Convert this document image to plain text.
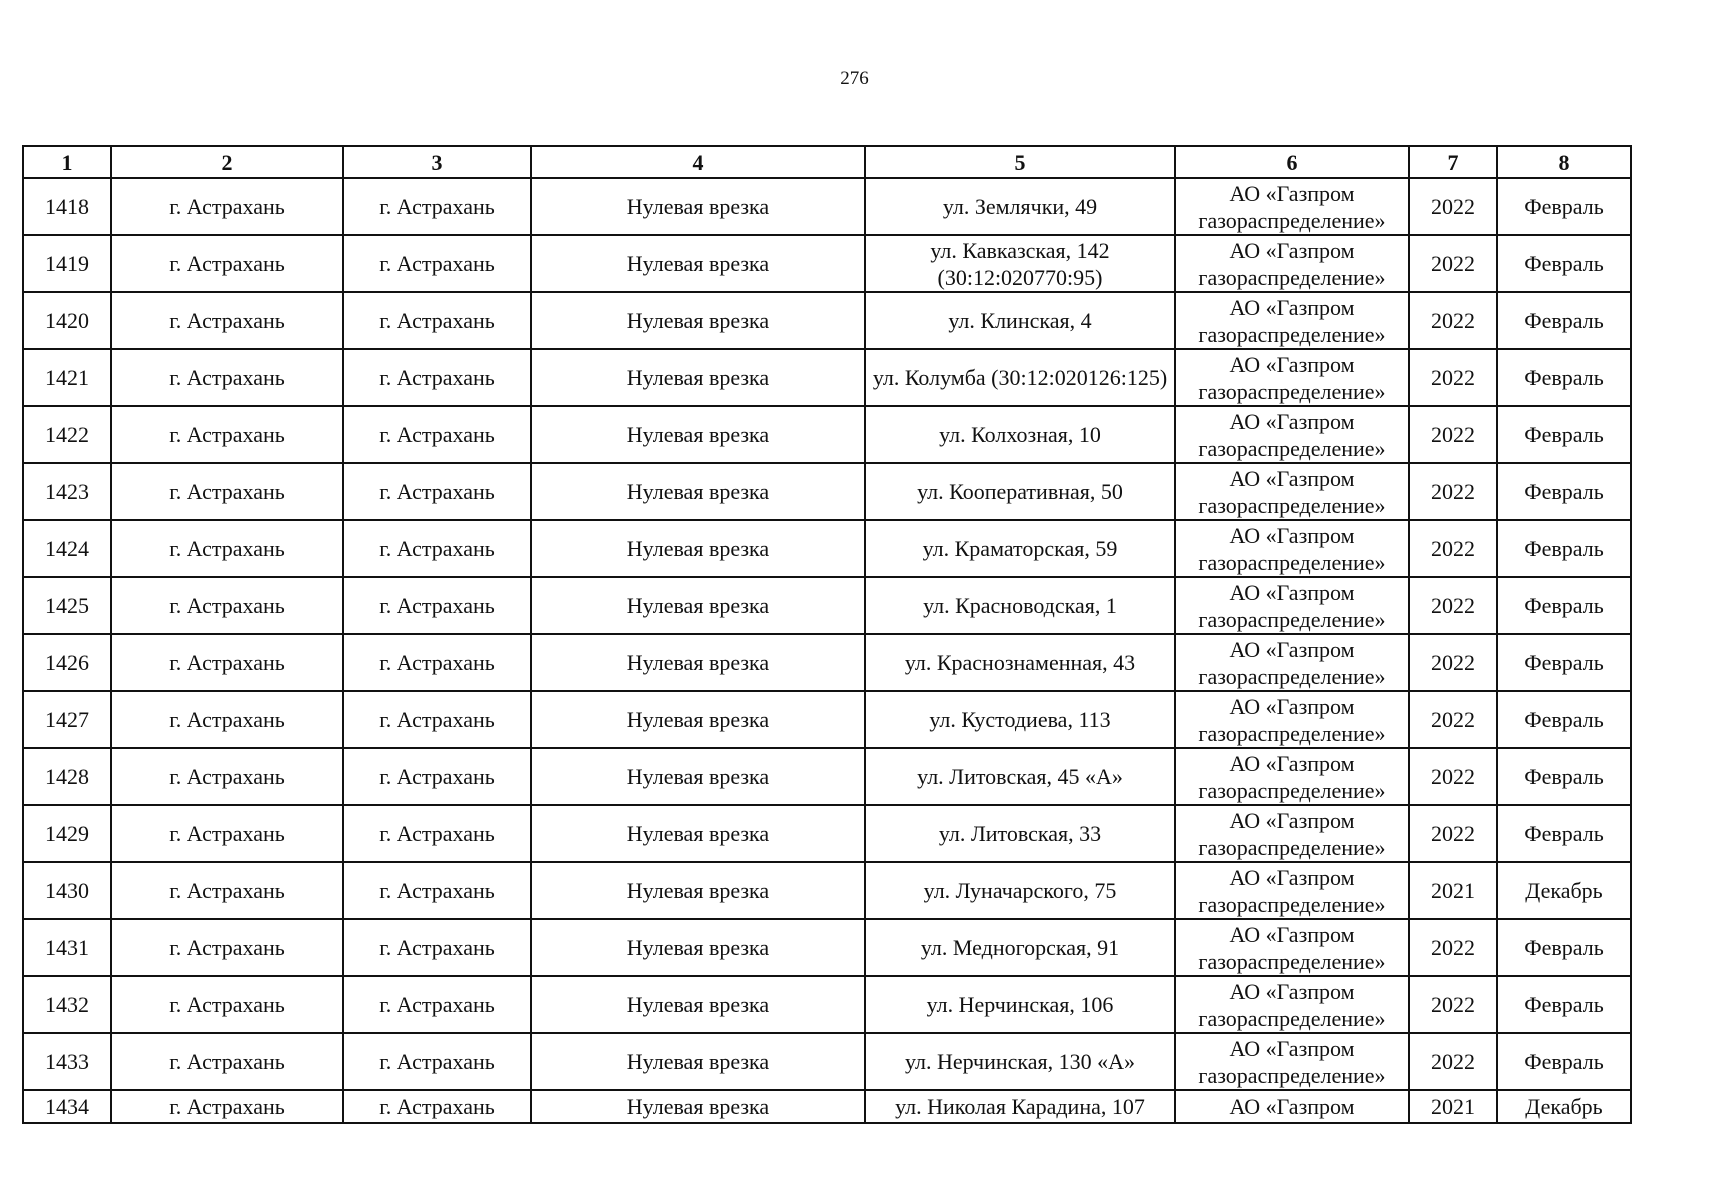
276
1	2	3	4	5	6	7	8
1418	г. Астрахань	г. Астрахань	Нулевая врезка	ул. Землячки, 49	АО «Газпром
газораспределение»	2022	Февраль
1419	г. Астрахань	г. Астрахань	Нулевая врезка	ул. Кавказская, 142 (30:12:020770:95)	АО «Газпром
газораспределение»	2022	Февраль
1420	г. Астрахань	г. Астрахань	Нулевая врезка	ул. Клинская, 4	АО «Газпром
газораспределение»	2022	Февраль
1421	г. Астрахань	г. Астрахань	Нулевая врезка	ул. Колумба (30:12:020126:125)	АО «Газпром
газораспределение»	2022	Февраль
1422	г. Астрахань	г. Астрахань	Нулевая врезка	ул. Колхозная, 10	АО «Газпром
газораспределение»	2022	Февраль
1423	г. Астрахань	г. Астрахань	Нулевая врезка	ул. Кооперативная, 50	АО «Газпром
газораспределение»	2022	Февраль
1424	г. Астрахань	г. Астрахань	Нулевая врезка	ул. Краматорская, 59	АО «Газпром
газораспределение»	2022	Февраль
1425	г. Астрахань	г. Астрахань	Нулевая врезка	ул. Красноводская, 1	АО «Газпром
газораспределение»	2022	Февраль
1426	г. Астрахань	г. Астрахань	Нулевая врезка	ул. Краснознаменная, 43	АО «Газпром
газораспределение»	2022	Февраль
1427	г. Астрахань	г. Астрахань	Нулевая врезка	ул. Кустодиева, 113	АО «Газпром
газораспределение»	2022	Февраль
1428	г. Астрахань	г. Астрахань	Нулевая врезка	ул. Литовская, 45 «А»	АО «Газпром
газораспределение»	2022	Февраль
1429	г. Астрахань	г. Астрахань	Нулевая врезка	ул. Литовская, 33	АО «Газпром
газораспределение»	2022	Февраль
1430	г. Астрахань	г. Астрахань	Нулевая врезка	ул. Луначарского, 75	АО «Газпром
газораспределение»	2021	Декабрь
1431	г. Астрахань	г. Астрахань	Нулевая врезка	ул. Медногорская, 91	АО «Газпром
газораспределение»	2022	Февраль
1432	г. Астрахань	г. Астрахань	Нулевая врезка	ул. Нерчинская, 106	АО «Газпром
газораспределение»	2022	Февраль
1433	г. Астрахань	г. Астрахань	Нулевая врезка	ул. Нерчинская, 130 «А»	АО «Газпром
газораспределение»	2022	Февраль
1434	г. Астрахань	г. Астрахань	Нулевая врезка	ул. Николая Карадина, 107	АО «Газпром	2021	Декабрь
